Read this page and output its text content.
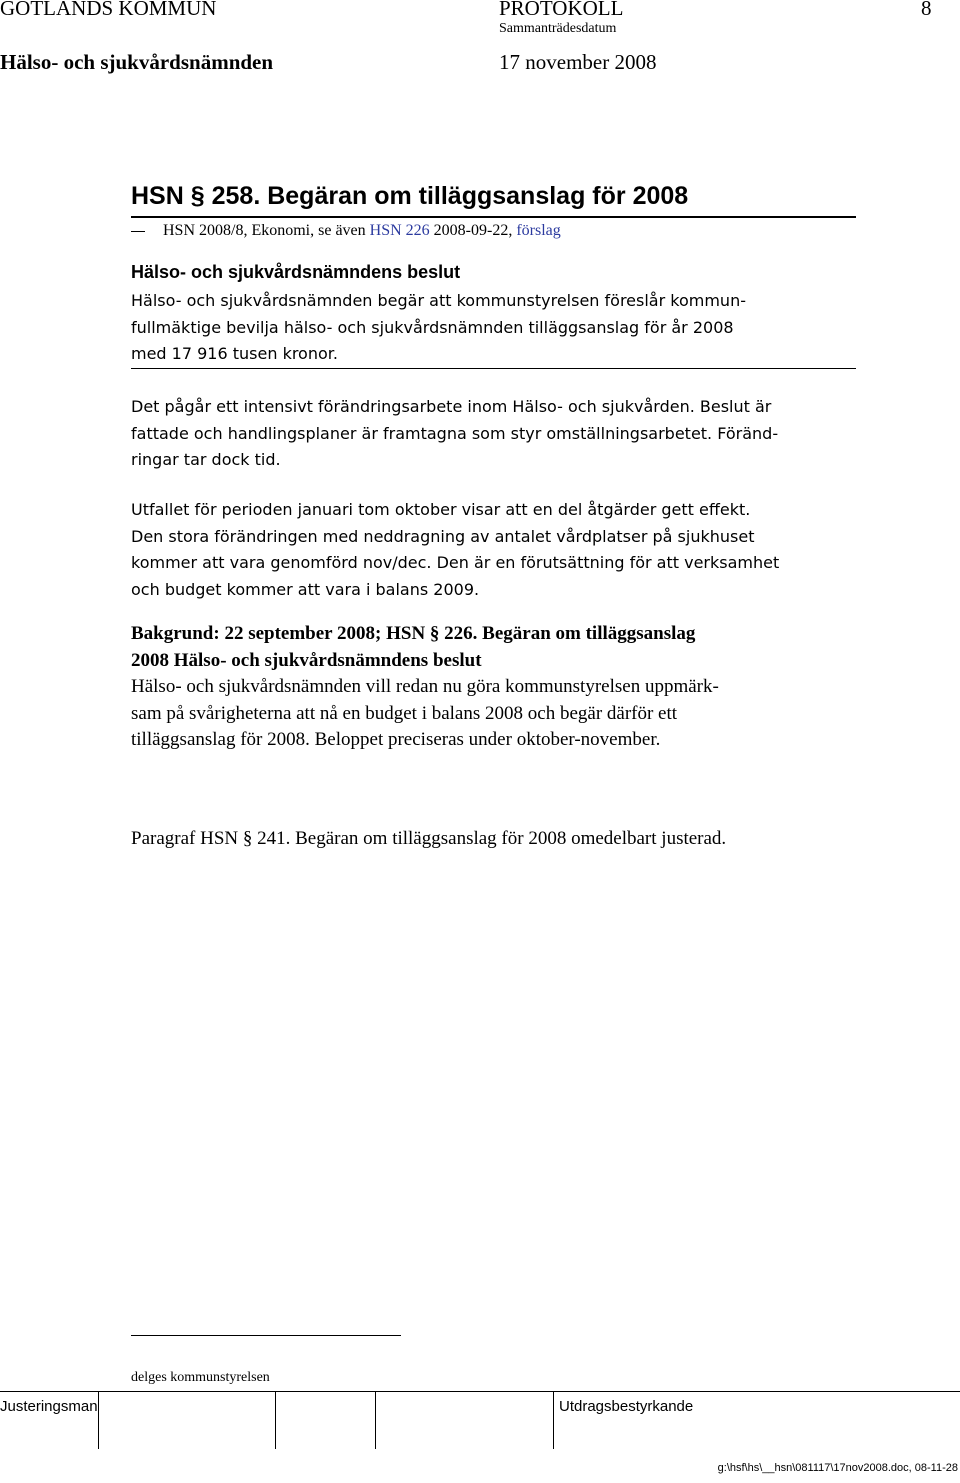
GOTLANDS KOMMUN	PROTOKOLL	8
Sammanträdesdatum
Hälso- och sjukvårdsnämnden	17 november 2008
HSN § 258. Begäran om tilläggsanslag för 2008
HSN 2008/8, Ekonomi, se även HSN 226 2008-09-22, förslag
Hälso- och sjukvårdsnämndens beslut
Hälso- och sjukvårdsnämnden begär att kommunstyrelsen föreslår kommun-
fullmäktige bevilja hälso- och sjukvårdsnämnden tilläggsanslag för år 2008
med 17 916 tusen kronor.
Det pågår ett intensivt förändringsarbete inom Hälso- och sjukvården. Beslut är
fattade och handlingsplaner är framtagna som styr omställningsarbetet. Föränd-
ringar tar dock tid.
Utfallet för perioden januari tom oktober visar att en del åtgärder gett effekt.
Den stora förändringen med neddragning av antalet vårdplatser på sjukhuset
kommer att vara genomförd nov/dec. Den är en förutsättning för att verksamhet
och budget kommer att vara i balans 2009.
Bakgrund: 22 september 2008; HSN § 226. Begäran om tilläggsanslag
2008 Hälso- och sjukvårdsnämndens beslut
Hälso- och sjukvårdsnämnden vill redan nu göra kommunstyrelsen uppmärk-
sam på svårigheterna att nå en budget i balans 2008 och begär därför ett
tilläggsanslag för 2008. Beloppet preciseras under oktober-november.
Paragraf HSN § 241. Begäran om tilläggsanslag för 2008 omedelbart justerad.
delges kommunstyrelsen
Justeringsman	Utdragsbestyrkande
g:\hsf\hs\__hsn\081117\17nov2008.doc, 08-11-28
